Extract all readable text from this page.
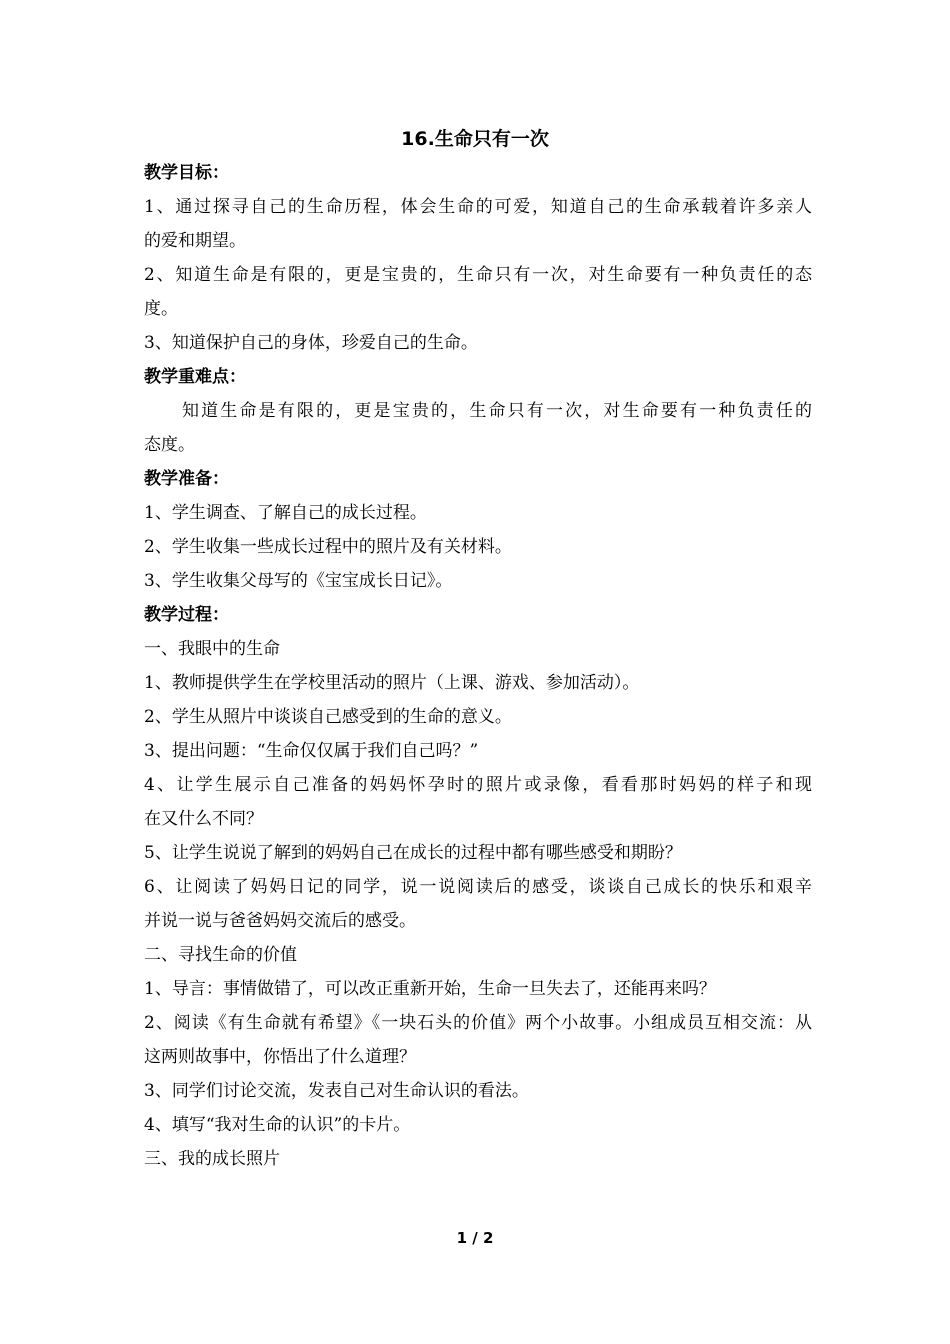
16.生命只有一次
教学目标：
1、通过探寻自己的生命历程，体会生命的可爱，知道自己的生命承载着许多亲人
的爱和期望。
2、知道生命是有限的，更是宝贵的，生命只有一次，对生命要有一种负责任的态
度。
3、知道保护自己的身体，珍爱自己的生命。
教学重难点：
知道生命是有限的，更是宝贵的，生命只有一次，对生命要有一种负责任的
态度。
教学准备：
1、学生调查、了解自己的成长过程。
2、学生收集一些成长过程中的照片及有关材料。
3、学生收集父母写的《宝宝成长日记》。
教学过程：
一、我眼中的生命
1、教师提供学生在学校里活动的照片（上课、游戏、参加活动）。
2、学生从照片中谈谈自己感受到的生命的意义。
3、提出问题：“生命仅仅属于我们自己吗？”
4、让学生展示自己准备的妈妈怀孕时的照片或录像，看看那时妈妈的样子和现
在又什么不同？
5、让学生说说了解到的妈妈自己在成长的过程中都有哪些感受和期盼？
6、让阅读了妈妈日记的同学，说一说阅读后的感受，谈谈自己成长的快乐和艰辛
并说一说与爸爸妈妈交流后的感受。
二、寻找生命的价值
1、导言：事情做错了，可以改正重新开始，生命一旦失去了，还能再来吗？
2、阅读《有生命就有希望》《一块石头的价值》两个小故事。小组成员互相交流：从
这两则故事中，你悟出了什么道理？
3、同学们讨论交流，发表自己对生命认识的看法。
4、填写“我对生命的认识”的卡片。
三、我的成长照片
1 / 2
